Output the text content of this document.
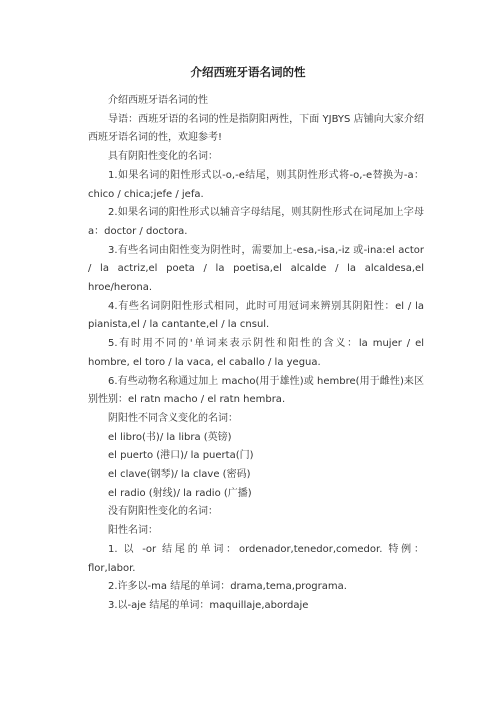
介绍西班牙语名词的性

介绍西班牙语名词的性

导语：西班牙语的名词的性是指阴阳两性，下面 YJBYS 店铺向大家介绍西班牙语名词的性，欢迎参考!

具有阴阳性变化的名词：

1.如果名词的阳性形式以-o,-e结尾，则其阴性形式将-o,-e替换为-a：chico / chica;jefe / jefa.

2.如果名词的阳性形式以辅音字母结尾，则其阴性形式在词尾加上字母 a：doctor / doctora.

3.有些名词由阳性变为阴性时，需要加上-esa,-isa,-iz 或-ina:el actor / la actriz,el poeta / la poetisa,el alcalde / la alcaldesa,el hroe/herona.

4.有些名词阴阳性形式相同，此时可用冠词来辨别其阴阳性：el / la pianista,el / la cantante,el / la cnsul.

5.有时用不同的'单词来表示阴性和阳性的含义：la mujer / el hombre, el toro / la vaca, el caballo / la yegua.

6.有些动物名称通过加上 macho(用于雄性)或 hembre(用于雌性)来区别性别：el ratn macho / el ratn hembra.

阴阳性不同含义变化的名词：

el libro(书)/ la libra (英镑)

el puerto (港口)/ la puerta(门)

el clave(钢琴)/ la clave (密码)

el radio (射线)/ la radio (广播)

没有阴阳性变化的名词：

阳性名词：

1. 以 -or 结尾的单词：ordenador,tenedor,comedor. 特例：flor,labor.

2.许多以-ma 结尾的单词：drama,tema,programa.

3.以-aje 结尾的单词：maquillaje,abordaje
